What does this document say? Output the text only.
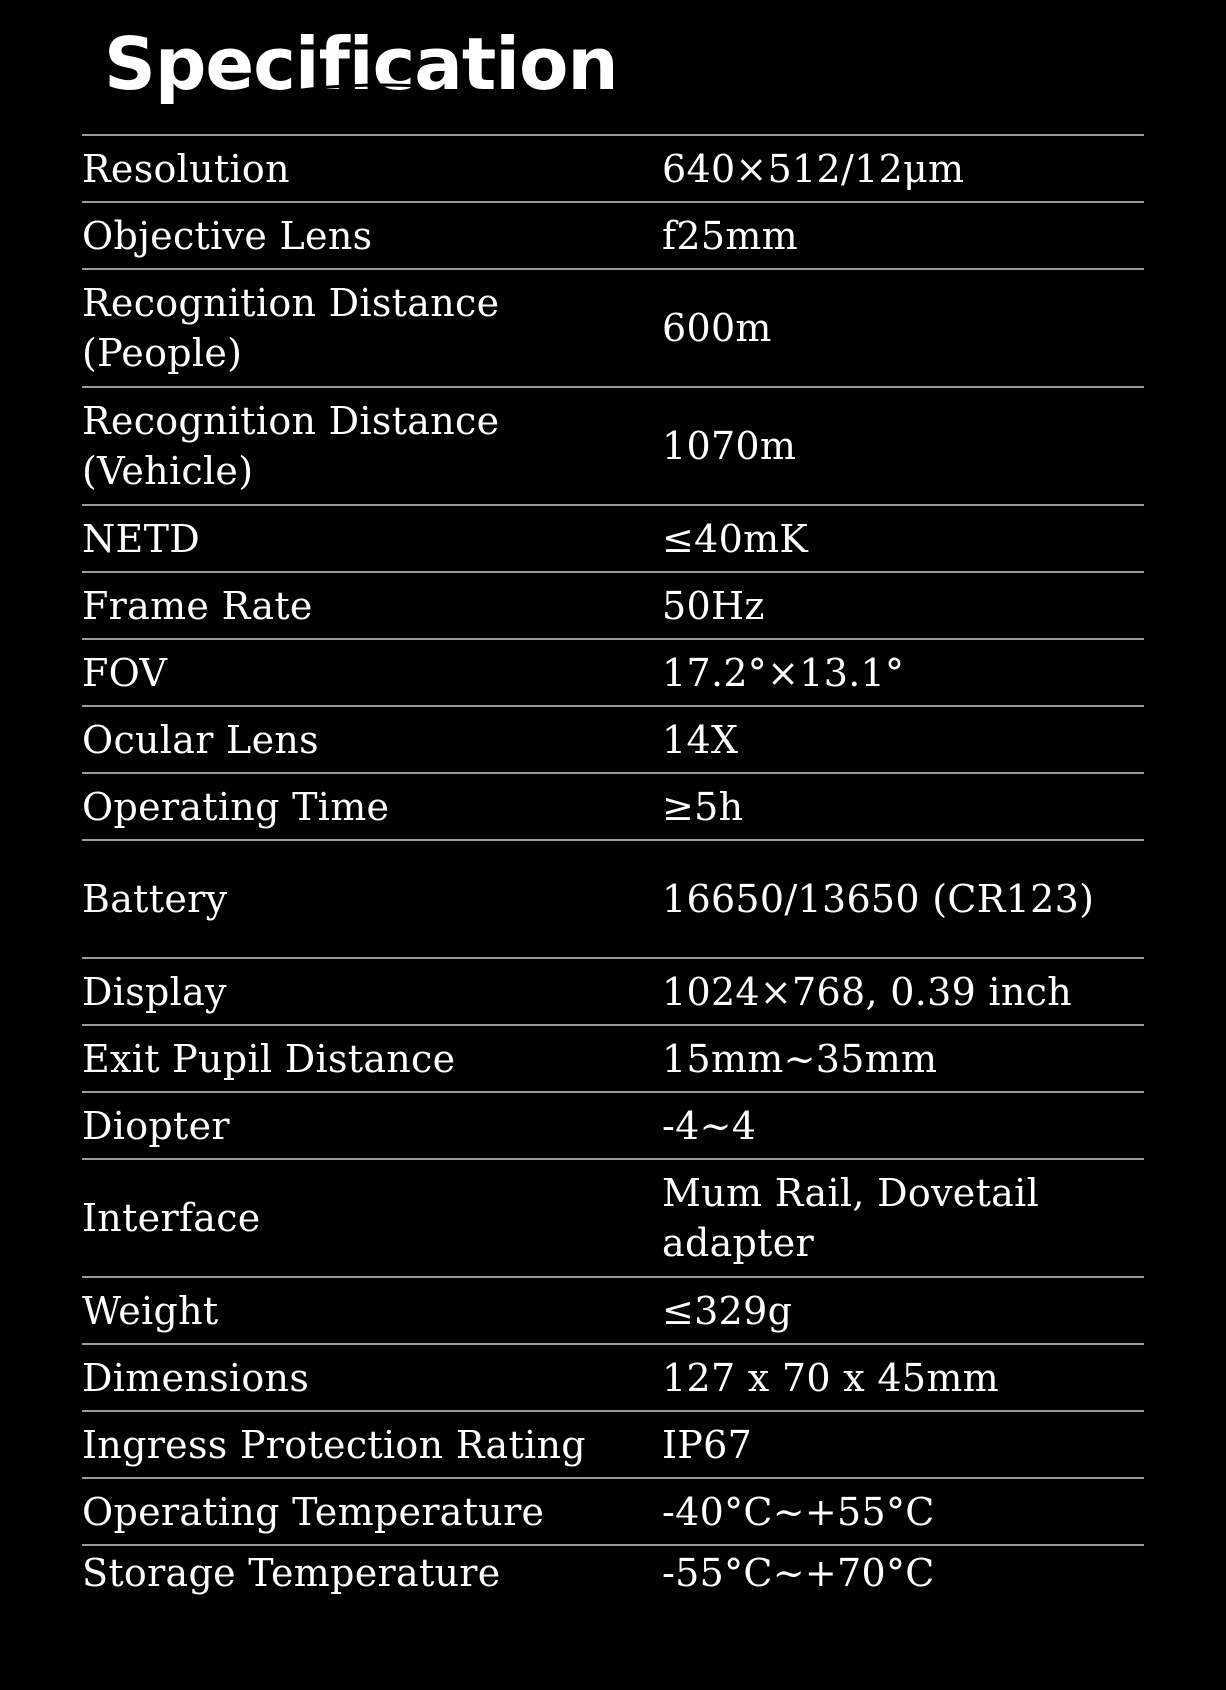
Specification
Resolution	640×512/12μm
Objective Lens	f25mm
Recognition Distance (People)	600m
Recognition Distance (Vehicle)	1070m
NETD	≤40mK
Frame Rate	50Hz
FOV	17.2°×13.1°
Ocular Lens	14X
Operating Time	≥5h
Battery	16650/13650 (CR123)
Display	1024×768, 0.39 inch
Exit Pupil Distance	15mm~35mm
Diopter	-4~4
Interface	Mum Rail, Dovetail adapter
Weight	≤329g
Dimensions	127 x 70 x 45mm
Ingress Protection Rating	IP67
Operating Temperature	-40°C~+55°C
Storage Temperature	-55°C~+70°C
